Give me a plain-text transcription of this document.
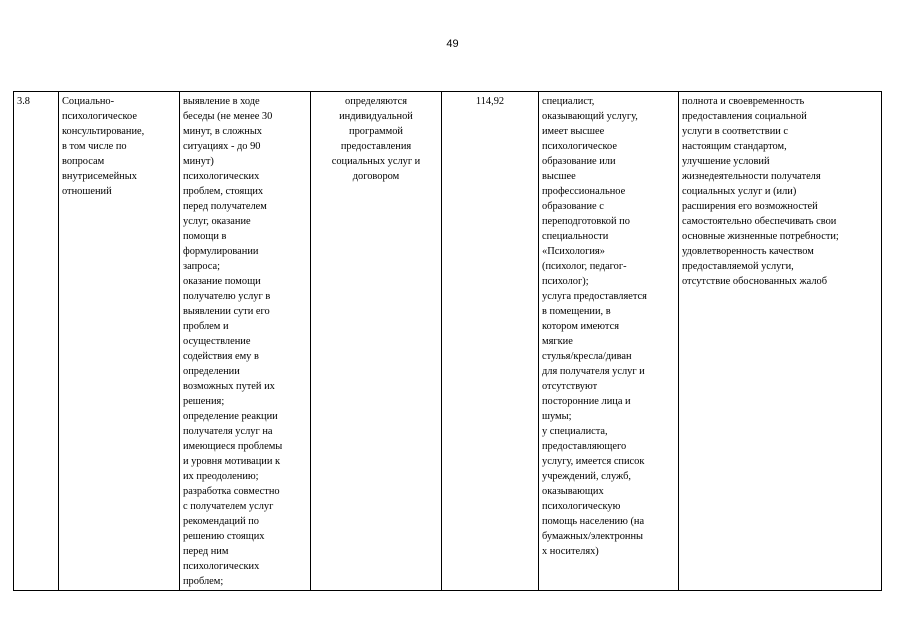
49
3.8	Социально-
психологическое
консультирование,
в том числе по
вопросам
внутрисемейных
отношений	выявление в ходе
беседы (не менее 30
минут, в сложных
ситуациях - до 90
минут)
психологических
проблем, стоящих
перед получателем
услуг, оказание
помощи в
формулировании
запроса;
оказание помощи
получателю услуг в
выявлении сути его
проблем и
осуществление
содействия ему в
определении
возможных путей их
решения;
определение реакции
получателя услуг на
имеющиеся проблемы
и уровня мотивации к
их преодолению;
разработка совместно
с получателем услуг
рекомендаций по
решению стоящих
перед ним
психологических
проблем;	определяются
индивидуальной
программой
предоставления
социальных услуг и
договором	114,92	специалист,
оказывающий услугу,
имеет высшее
психологическое
образование или
высшее
профессиональное
образование с
переподготовкой по
специальности
«Психология»
(психолог, педагог-
психолог);
услуга предоставляется
в помещении, в
котором имеются
мягкие
стулья/кресла/диван
для получателя услуг и
отсутствуют
посторонние лица и
шумы;
у специалиста,
предоставляющего
услугу, имеется список
учреждений, служб,
оказывающих
психологическую
помощь населению (на
бумажных/электронны
х носителях)	полнота и своевременность
предоставления социальной
услуги в соответствии с
настоящим стандартом,
улучшение условий
жизнедеятельности получателя
социальных услуг и (или)
расширения его возможностей
самостоятельно обеспечивать свои
основные жизненные потребности;
удовлетворенность качеством
предоставляемой услуги,
отсутствие обоснованных жалоб
